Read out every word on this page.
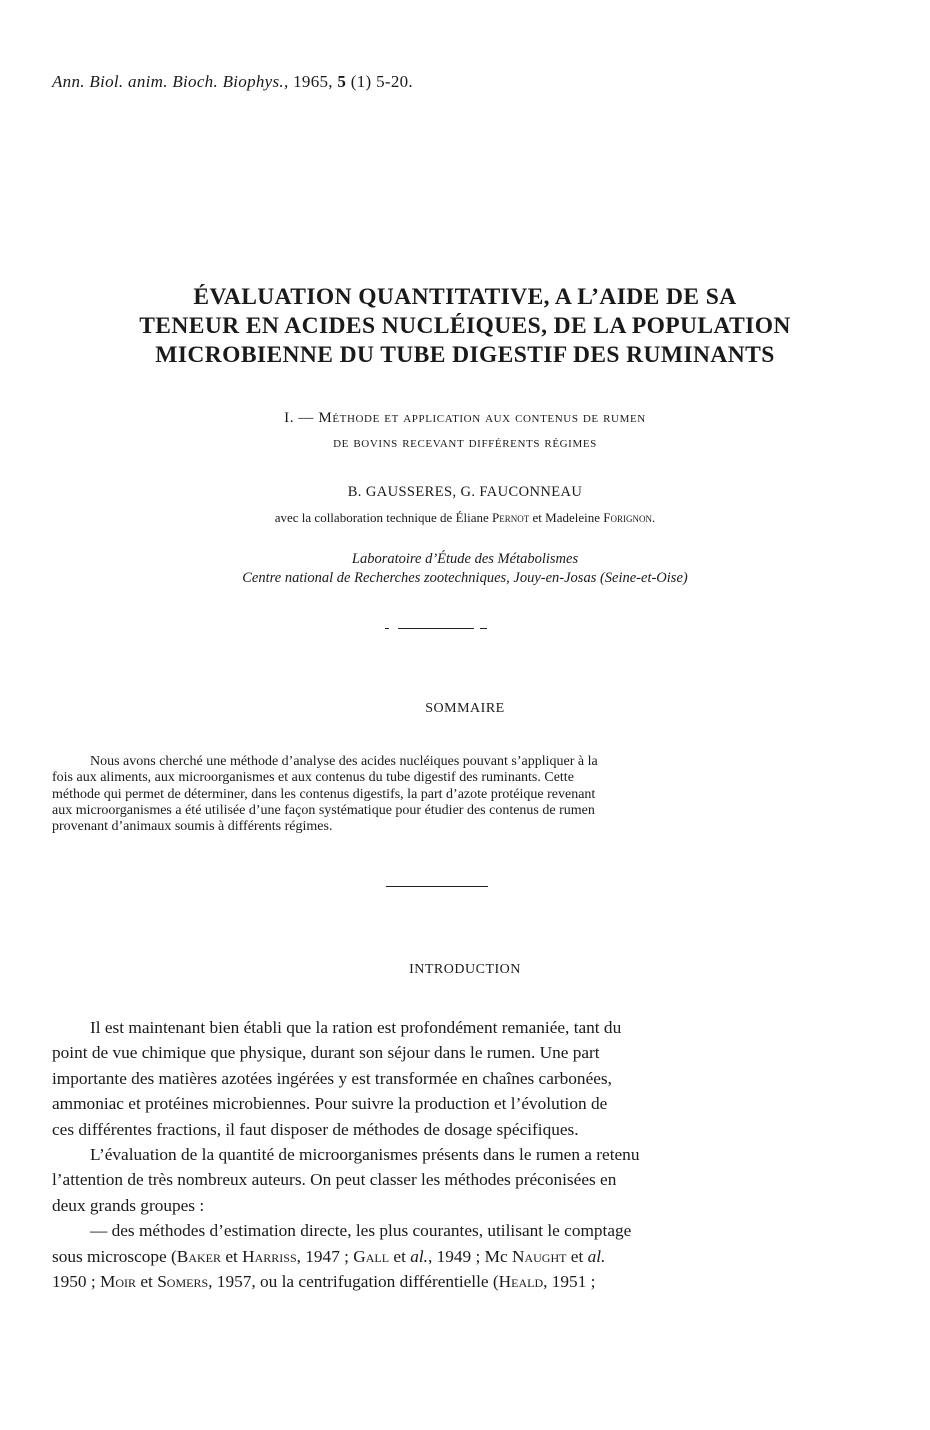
Ann. Biol. anim. Bioch. Biophys., 1965, 5 (1) 5-20.
ÉVALUATION QUANTITATIVE, A L’AIDE DE SA
TENEUR EN ACIDES NUCLÉIQUES, DE LA POPULATION
MICROBIENNE DU TUBE DIGESTIF DES RUMINANTS
I. — Méthode et application aux contenus de rumen
de bovins recevant différents régimes
B. GAUSSERES, G. FAUCONNEAU
avec la collaboration technique de Éliane Pernot et Madeleine Forignon.
Laboratoire d’Étude des Métabolismes
Centre national de Recherches zootechniques, Jouy-en-Josas (Seine-et-Oise)
SOMMAIRE
Nous avons cherché une méthode d’analyse des acides nucléiques pouvant s’appliquer à la
fois aux aliments, aux microorganismes et aux contenus du tube digestif des ruminants. Cette
méthode qui permet de déterminer, dans les contenus digestifs, la part d’azote protéique revenant
aux microorganismes a été utilisée d’une façon systématique pour étudier des contenus de rumen
provenant d’animaux soumis à différents régimes.
INTRODUCTION
Il est maintenant bien établi que la ration est profondément remaniée, tant du
point de vue chimique que physique, durant son séjour dans le rumen. Une part
importante des matières azotées ingérées y est transformée en chaînes carbonées,
ammoniac et protéines microbiennes. Pour suivre la production et l’évolution de
ces différentes fractions, il faut disposer de méthodes de dosage spécifiques.
L’évaluation de la quantité de microorganismes présents dans le rumen a retenu
l’attention de très nombreux auteurs. On peut classer les méthodes préconisées en
deux grands groupes :
— des méthodes d’estimation directe, les plus courantes, utilisant le comptage
sous microscope (Baker et Harriss, 1947 ; Gall et al., 1949 ; Mc Naught et al.
1950 ; Moir et Somers, 1957, ou la centrifugation différentielle (Heald, 1951 ;
